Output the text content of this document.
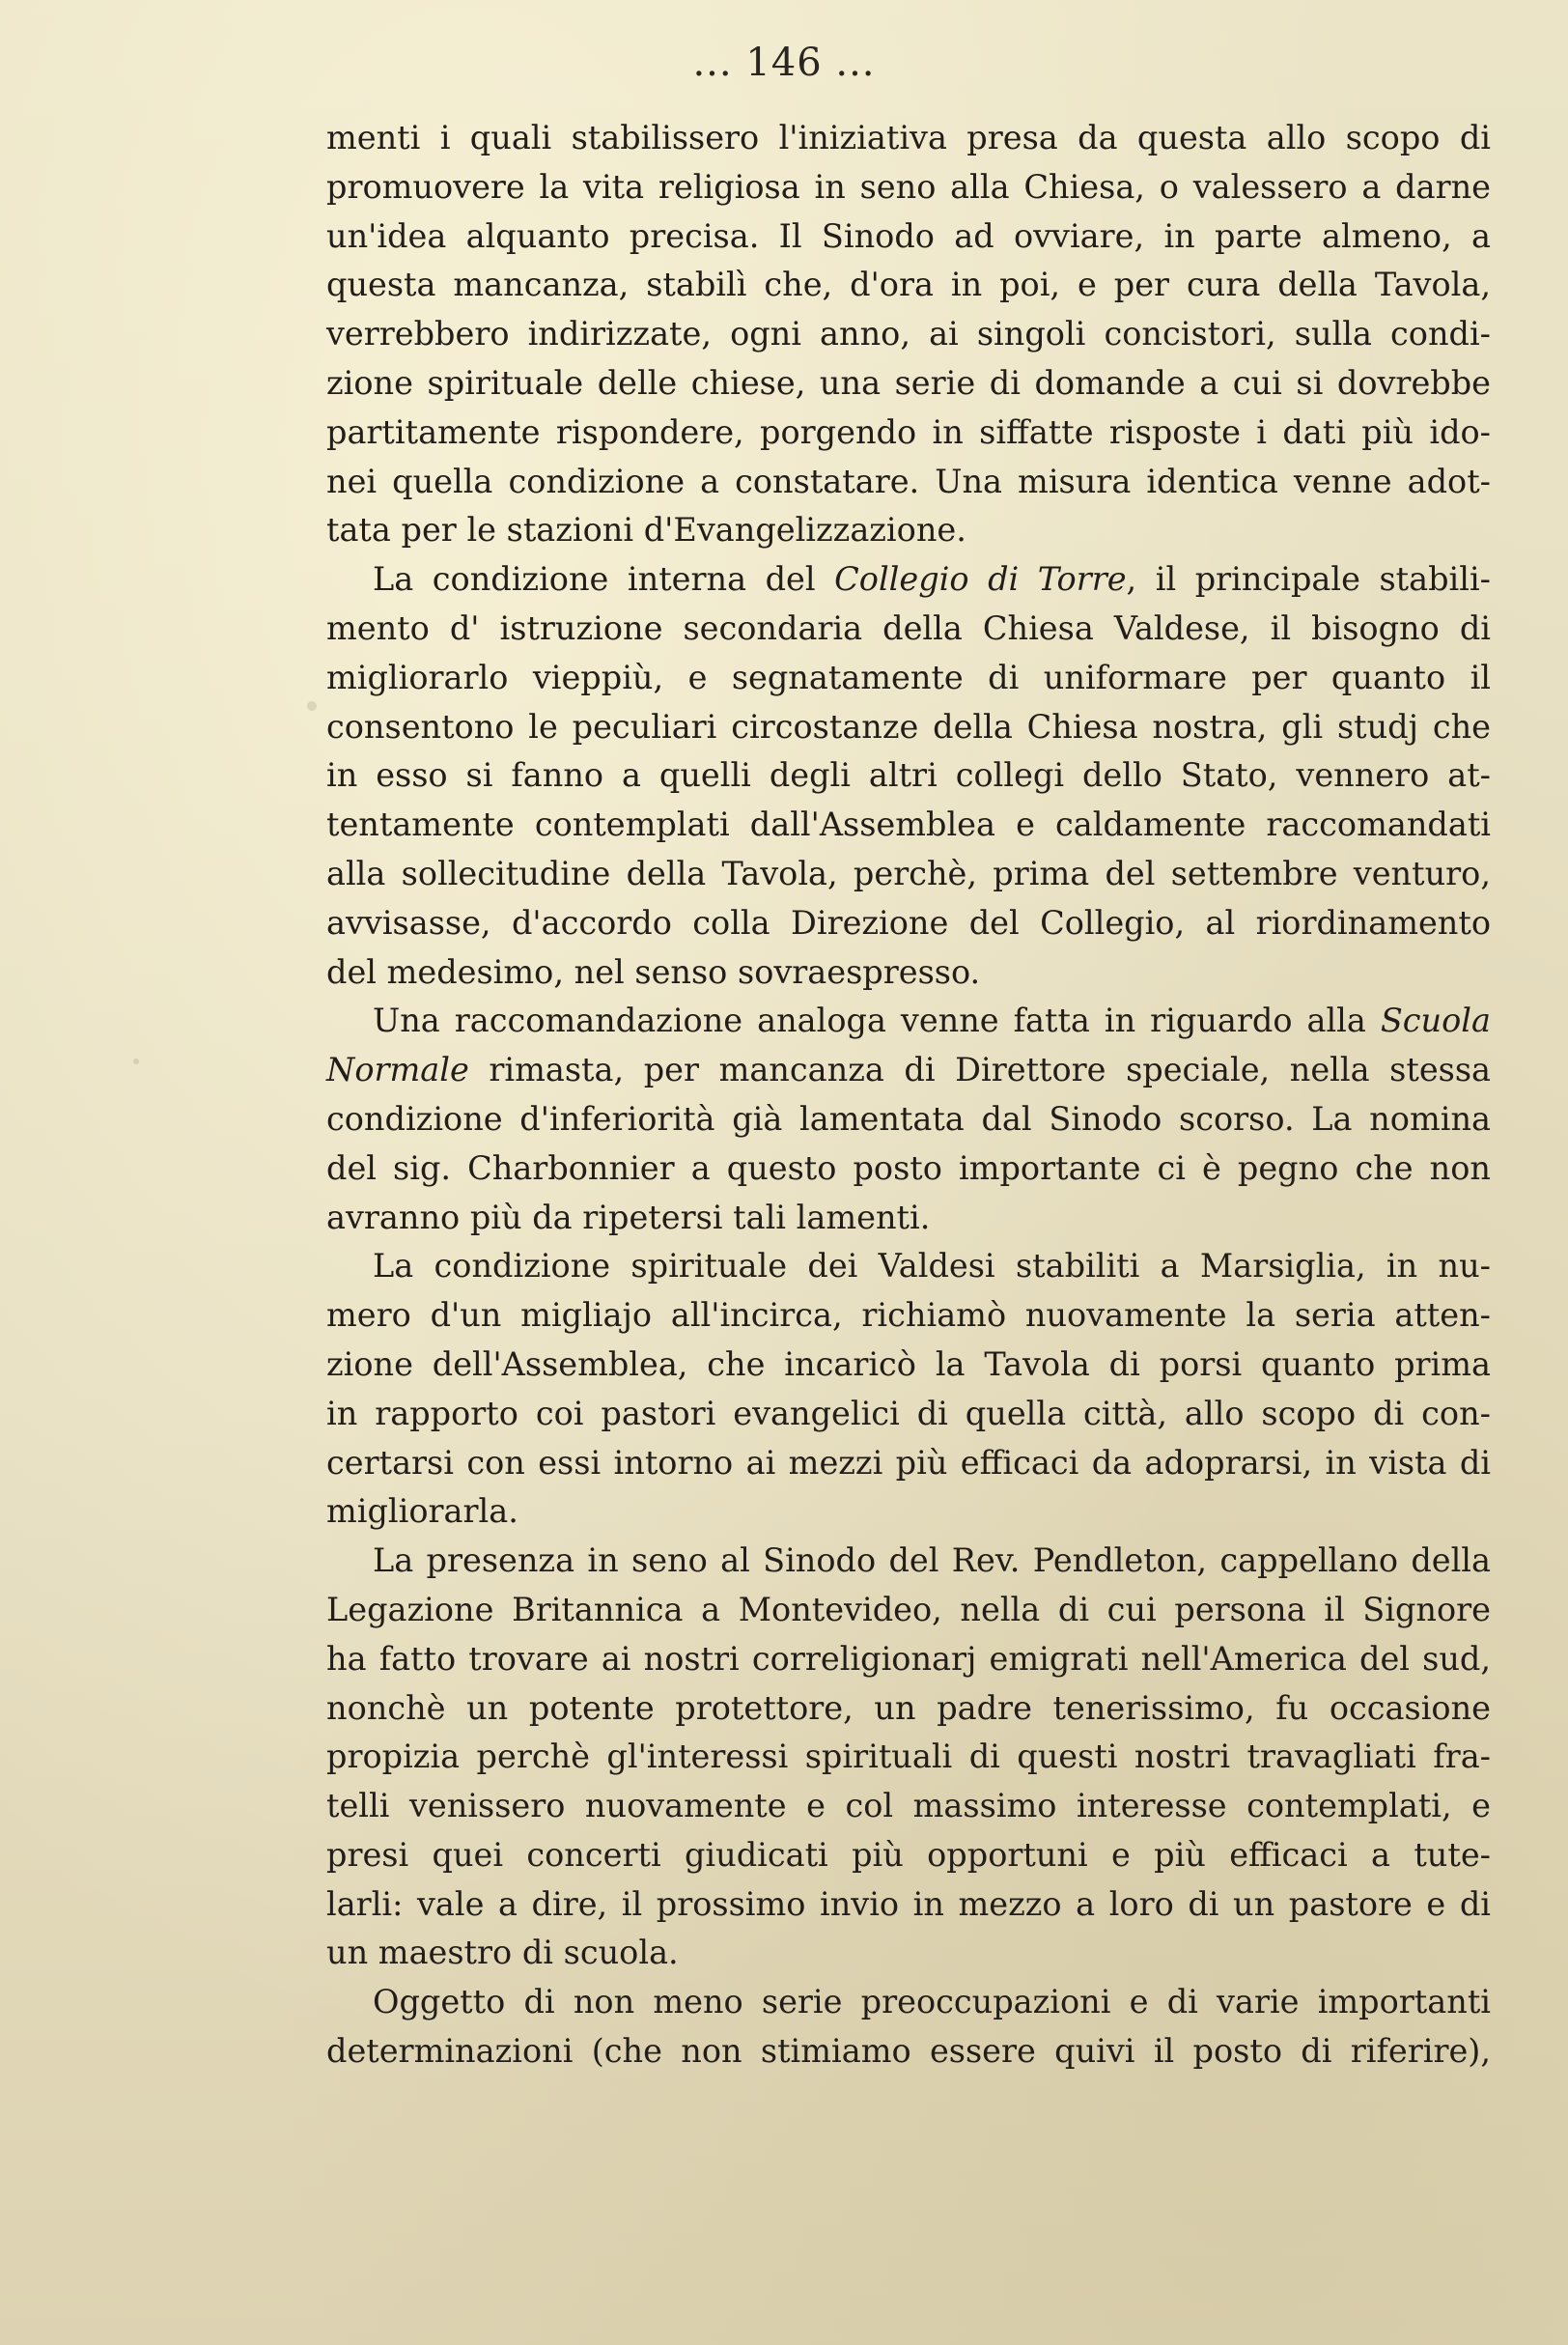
... 146 ...
menti i quali stabilissero l'iniziativa presa da questa allo scopo di
promuovere la vita religiosa in seno alla Chiesa, o valessero a darne
un'idea alquanto precisa. Il Sinodo ad ovviare, in parte almeno, a
questa mancanza, stabilì che, d'ora in poi, e per cura della Tavola,
verrebbero indirizzate, ogni anno, ai singoli concistori, sulla condi-
zione spirituale delle chiese, una serie di domande a cui si dovrebbe
partitamente rispondere, porgendo in siffatte risposte i dati più ido-
nei quella condizione a constatare. Una misura identica venne adot-
tata per le stazioni d'Evangelizzazione.
La condizione interna del Collegio di Torre, il principale stabili-
mento d' istruzione secondaria della Chiesa Valdese, il bisogno di
migliorarlo vieppiù, e segnatamente di uniformare per quanto il
consentono le peculiari circostanze della Chiesa nostra, gli studj che
in esso si fanno a quelli degli altri collegi dello Stato, vennero at-
tentamente contemplati dall'Assemblea e caldamente raccomandati
alla sollecitudine della Tavola, perchè, prima del settembre venturo,
avvisasse, d'accordo colla Direzione del Collegio, al riordinamento
del medesimo, nel senso sovraespresso.
Una raccomandazione analoga venne fatta in riguardo alla Scuola
Normale rimasta, per mancanza di Direttore speciale, nella stessa
condizione d'inferiorità già lamentata dal Sinodo scorso. La nomina
del sig. Charbonnier a questo posto importante ci è pegno che non
avranno più da ripetersi tali lamenti.
La condizione spirituale dei Valdesi stabiliti a Marsiglia, in nu-
mero d'un migliajo all'incirca, richiamò nuovamente la seria atten-
zione dell'Assemblea, che incaricò la Tavola di porsi quanto prima
in rapporto coi pastori evangelici di quella città, allo scopo di con-
certarsi con essi intorno ai mezzi più efficaci da adoprarsi, in vista di
migliorarla.
La presenza in seno al Sinodo del Rev. Pendleton, cappellano della
Legazione Britannica a Montevideo, nella di cui persona il Signore
ha fatto trovare ai nostri correligionarj emigrati nell'America del sud,
nonchè un potente protettore, un padre tenerissimo, fu occasione
propizia perchè gl'interessi spirituali di questi nostri travagliati fra-
telli venissero nuovamente e col massimo interesse contemplati, e
presi quei concerti giudicati più opportuni e più efficaci a tute-
larli: vale a dire, il prossimo invio in mezzo a loro di un pastore e di
un maestro di scuola.
Oggetto di non meno serie preoccupazioni e di varie importanti
determinazioni (che non stimiamo essere quivi il posto di riferire),
